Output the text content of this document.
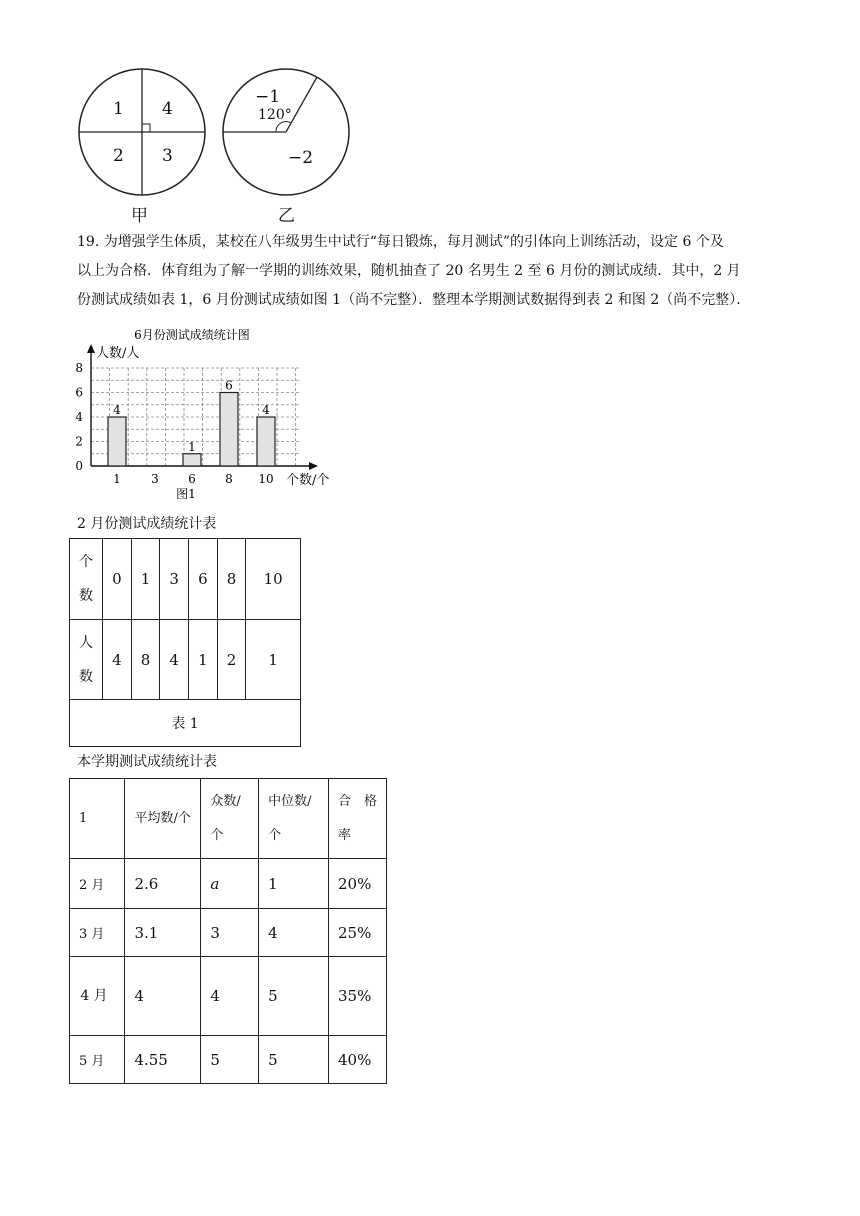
1 4
2 3
甲
−1
120°
−2
乙

19. 为增强学生体质，某校在八年级男生中试行“每日锻炼，每月测试”的引体向上训练活动，设定 6 个及

以上为合格．体育组为了解一学期的训练效果，随机抽查了 20 名男生 2 至 6 月份的测试成绩．其中，2 月

份测试成绩如表 1，6 月份测试成绩如图 1（尚不完整）．整理本学期测试数据得到表 2 和图 2（尚不完整）．

4
1	3
1
6
6
8
4
10
0
2
4
6
8
人数/人
个数/个
6月份测试成绩统计图
图1
2 月份测试成绩统计表
个数	0	1	3	6	8	10
人数	4	8	4	1	2	1
表 1						
本学期测试成绩统计表
1	平均数/个	众数/个	中位数/个	合　格率
2 月	2.6	a	1	20%
3 月	3.1	3	4	25%
4 月	4	4	5	35%
5 月	4.55	5	5	40%
